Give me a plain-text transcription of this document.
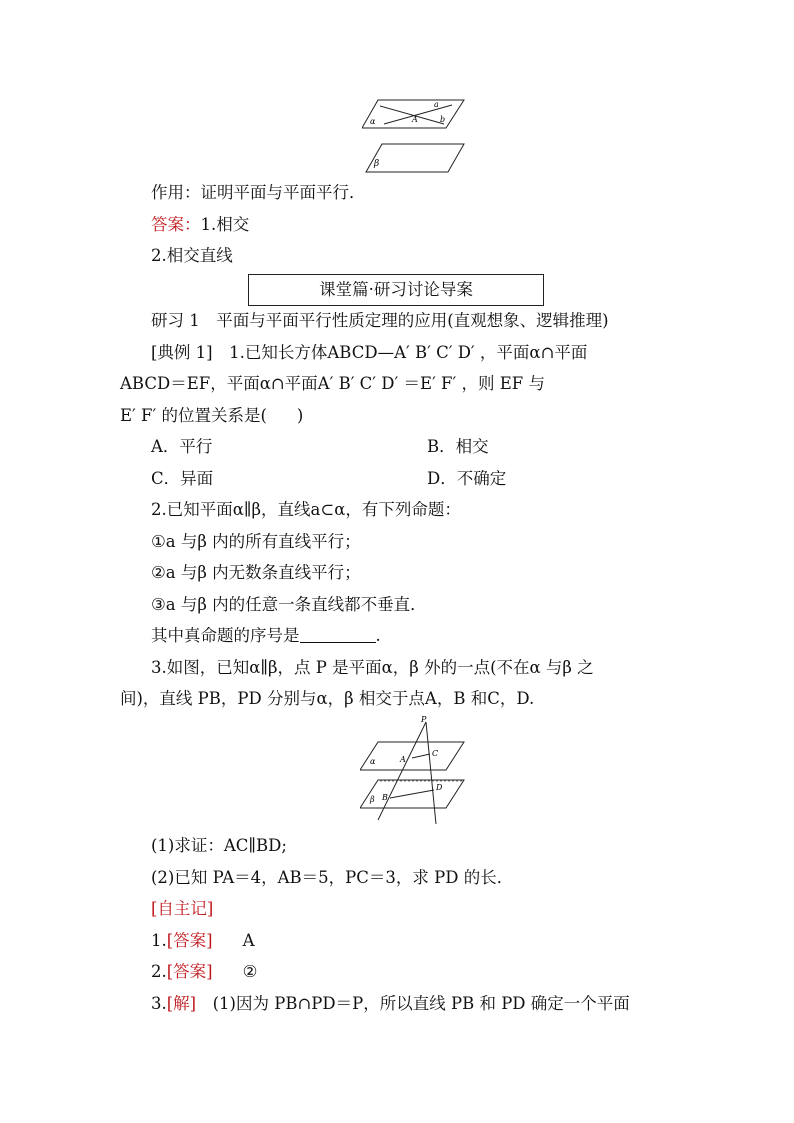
a
b
A
α
β
作用：证明平面与平面平行．
答案：1.相交
2.相交直线
课堂篇·研习讨论导案
研习 1　平面与平面平行性质定理的应用(直观想象、逻辑推理)
[典例 1]　 1.已知长方体ABCD—A′ B′ C′ D′ ，平面α∩平面
ABCD＝EF，平面α∩平面A′ B′ C′ D′ ＝E′ F′ ，则 EF 与
E′ F′ 的位置关系是( )
A．平行	B．相交
C．异面	D．不确定
2.已知平面α∥β，直线a⊂α，有下列命题：
①a 与β 内的所有直线平行；
②a 与β 内无数条直线平行；
③a 与β 内的任意一条直线都不垂直．
其中真命题的序号是	.
3.如图，已知α∥β，点 P 是平面α，β 外的一点(不在α 与β 之
间)，直线 PB，PD 分别与α，β 相交于点A，B 和C，D.
P
A
C
B
D
α
β
(1)求证：AC∥BD;
(2)已知 PA＝4，AB＝5，PC＝3，求 PD 的长．
[自主记]
1.[答案] A
2.[答案] ②
3.[解]　 (1)因为 PB∩PD＝P，所以直线 PB 和 PD 确定一个平面
